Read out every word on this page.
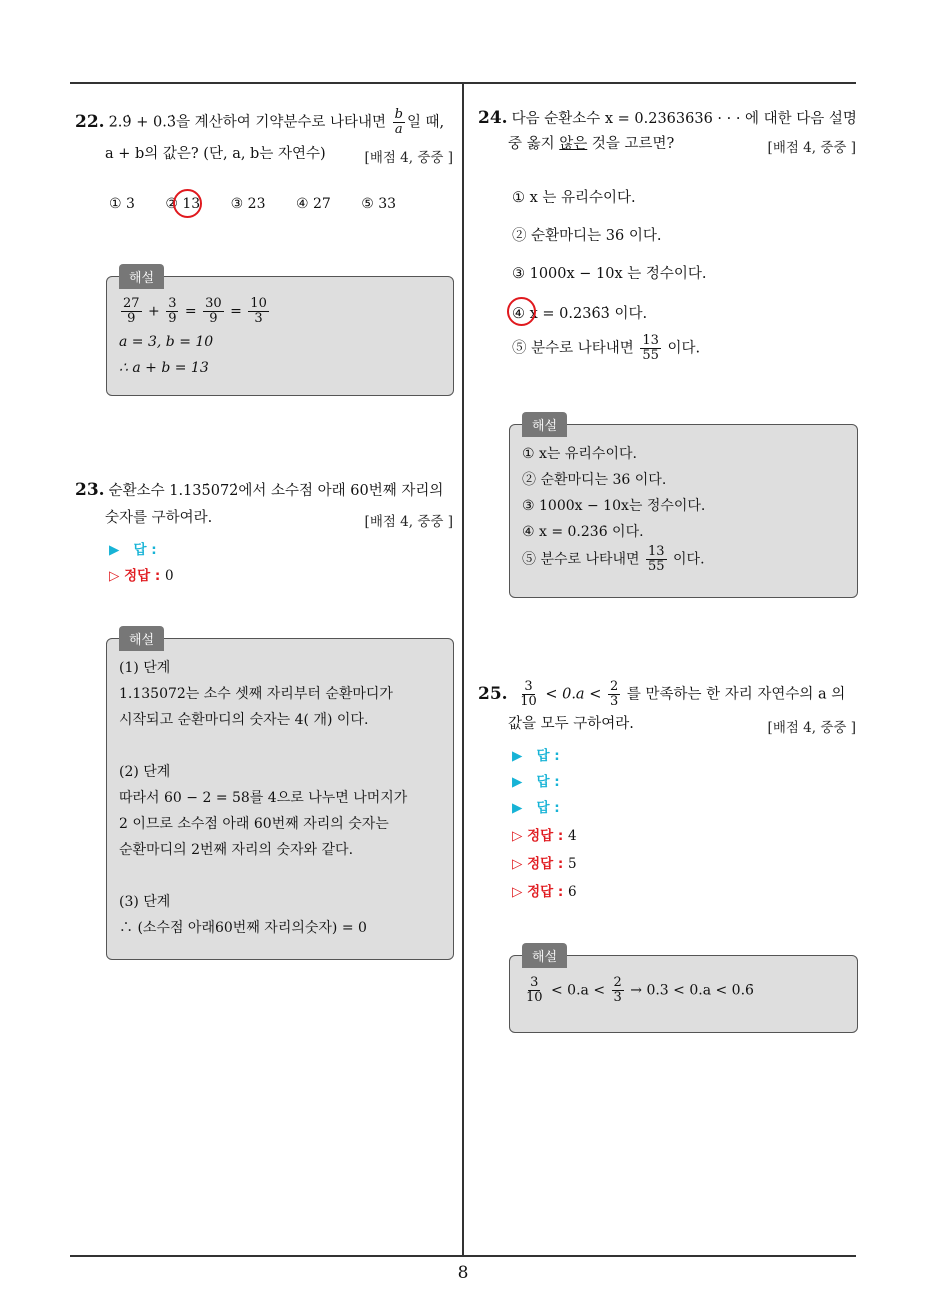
22. 2.9̇ + 0.3̇을 계산하여 기약분수로 나타내면 $\frac{b}{a}$ 일 때,
a + b의 값은? (단, a, b는 자연수)	[배점 4, 중중 ]
① 3 ② 13 ③ 23 ④ 27 ⑤ 33
해설
$\frac{27}{9} + \frac{3}{9} = \frac{30}{9} = \frac{10}{3}$
a = 3, b = 10
∴ a + b = 13
23. 순환소수 1.135̇072̇에서 소수점 아래 60번째 자리의
숫자를 구하여라.	[배점 4, 중중 ]
▶ 답 :
▷ 정답 : 0
해설
(1) 단계
1.135̇072̇는 소수 셋째 자리부터 순환마디가
시작되고 순환마디의 숫자는 4( 개) 이다.
(2) 단계
따라서 60 − 2 = 58를 4으로 나누면 나머지가
2 이므로 소수점 아래 60번째 자리의 숫자는
순환마디의 2번째 자리의 숫자와 같다.
(3) 단계
∴ (소수점 아래60번째 자리의숫자) = 0
24. 다음 순환소수 x = 0.2363636 · · · 에 대한 다음 설명
중 옳지 않은 것을 고르면?	[배점 4, 중중 ]
① x 는 유리수이다.
② 순환마디는 36 이다.
③ 1000x − 10x 는 정수이다.
④ x = 0.236̇3̇ 이다.
⑤ 분수로 나타내면 $\frac{13}{55}$ 이다.
해설
① x는 유리수이다.
② 순환마디는 36 이다.
③ 1000x − 10x는 정수이다.
④ x = 0.23̇6̇ 이다.
⑤ 분수로 나타내면 $\frac{13}{55}$ 이다.
25. $\frac{3}{10} < 0.a < \frac{2}{3}$ 를 만족하는 한 자리 자연수의 a 의
값을 모두 구하여라.	[배점 4, 중중 ]
▶ 답 :
▶ 답 :
▶ 답 :
▷ 정답 : 4
▷ 정답 : 5
▷ 정답 : 6
해설
$\frac{3}{10} < 0.a < \frac{2}{3} \to 0.3 < 0.a$ < 0.6̇
8
